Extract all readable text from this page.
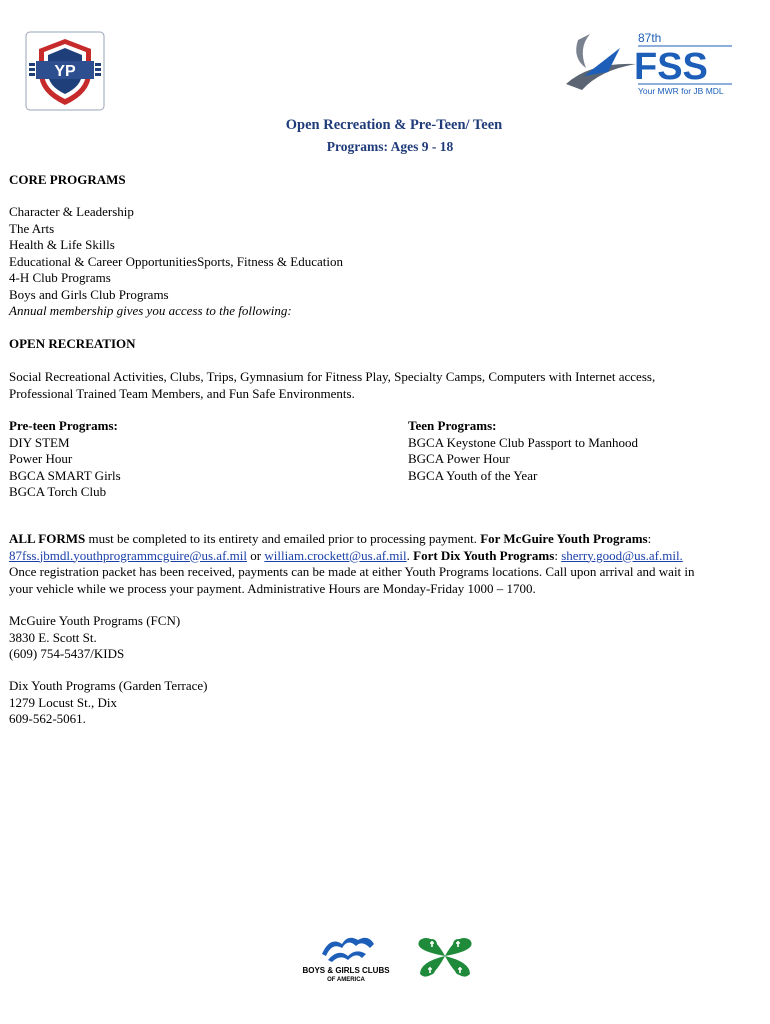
YP
87th
FSS
Your MWR for JB MDL
Open Recreation & Pre-Teen/ Teen
Programs: Ages 9 - 18
CORE PROGRAMS
Character & Leadership
The Arts
Health & Life Skills
Educational & Career OpportunitiesSports, Fitness & Education
4-H Club Programs
Boys and Girls Club Programs
Annual membership gives you access to the following:
OPEN RECREATION
Social Recreational Activities, Clubs, Trips, Gymnasium for Fitness Play, Specialty Camps, Computers with Internet access,
Professional Trained Team Members, and Fun Safe Environments.
Pre-teen Programs:
DIY STEM
Power Hour
BGCA SMART Girls
BGCA Torch Club
Teen Programs:
BGCA Keystone Club Passport to Manhood
BGCA Power Hour
BGCA Youth of the Year
ALL FORMS must be completed to its entirety and emailed prior to processing payment. For McGuire Youth Programs:
87fss.jbmdl.youthprogrammcguire@us.af.mil or william.crockett@us.af.mil. Fort Dix Youth Programs: sherry.good@us.af.mil.
Once registration packet has been received, payments can be made at either Youth Programs locations. Call upon arrival and wait in
your vehicle while we process your payment. Administrative Hours are Monday-Friday 1000 – 1700.
McGuire Youth Programs (FCN)
3830 E. Scott St.
(609) 754-5437/KIDS
Dix Youth Programs (Garden Terrace)
1279 Locust St., Dix
609-562-5061.
BOYS & GIRLS CLUBS
OF AMERICA
